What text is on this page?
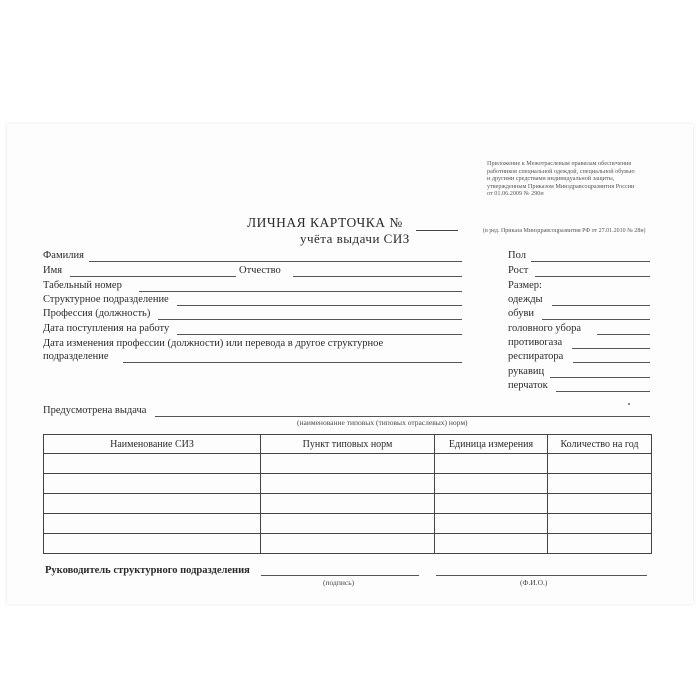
Приложение к Межотраслевым правилам обеспечения
работников специальной одеждой, специальной обувью
и другими средствами индивидуальной защиты,
утвержденным Приказом Минздравсоцразвития России
от 01.06.2009 № 290н
(в ред. Приказа Минздравсоцразвития РФ от 27.01.2010 № 28н)
ЛИЧНАЯ КАРТОЧКА №
учёта выдачи СИЗ
Фамилия
Имя	Отчество
Табельный номер
Структурное подразделение
Профессия (должность)
Дата поступления на работу
Дата изменения профессии (должности) или перевода в другое структурное
подразделение
Пол
Рост
Размер:
одежды
обуви
головного убора
противогаза
респиратора
рукавиц
перчаток
Предусмотрена выдача
(наименование типовых (типовых отраслевых) норм)
Наименование СИЗ	Пункт типовых норм	Единица измерения	Количество на год

Руководитель структурного подразделения
(подпись)	(Ф.И.О.)
